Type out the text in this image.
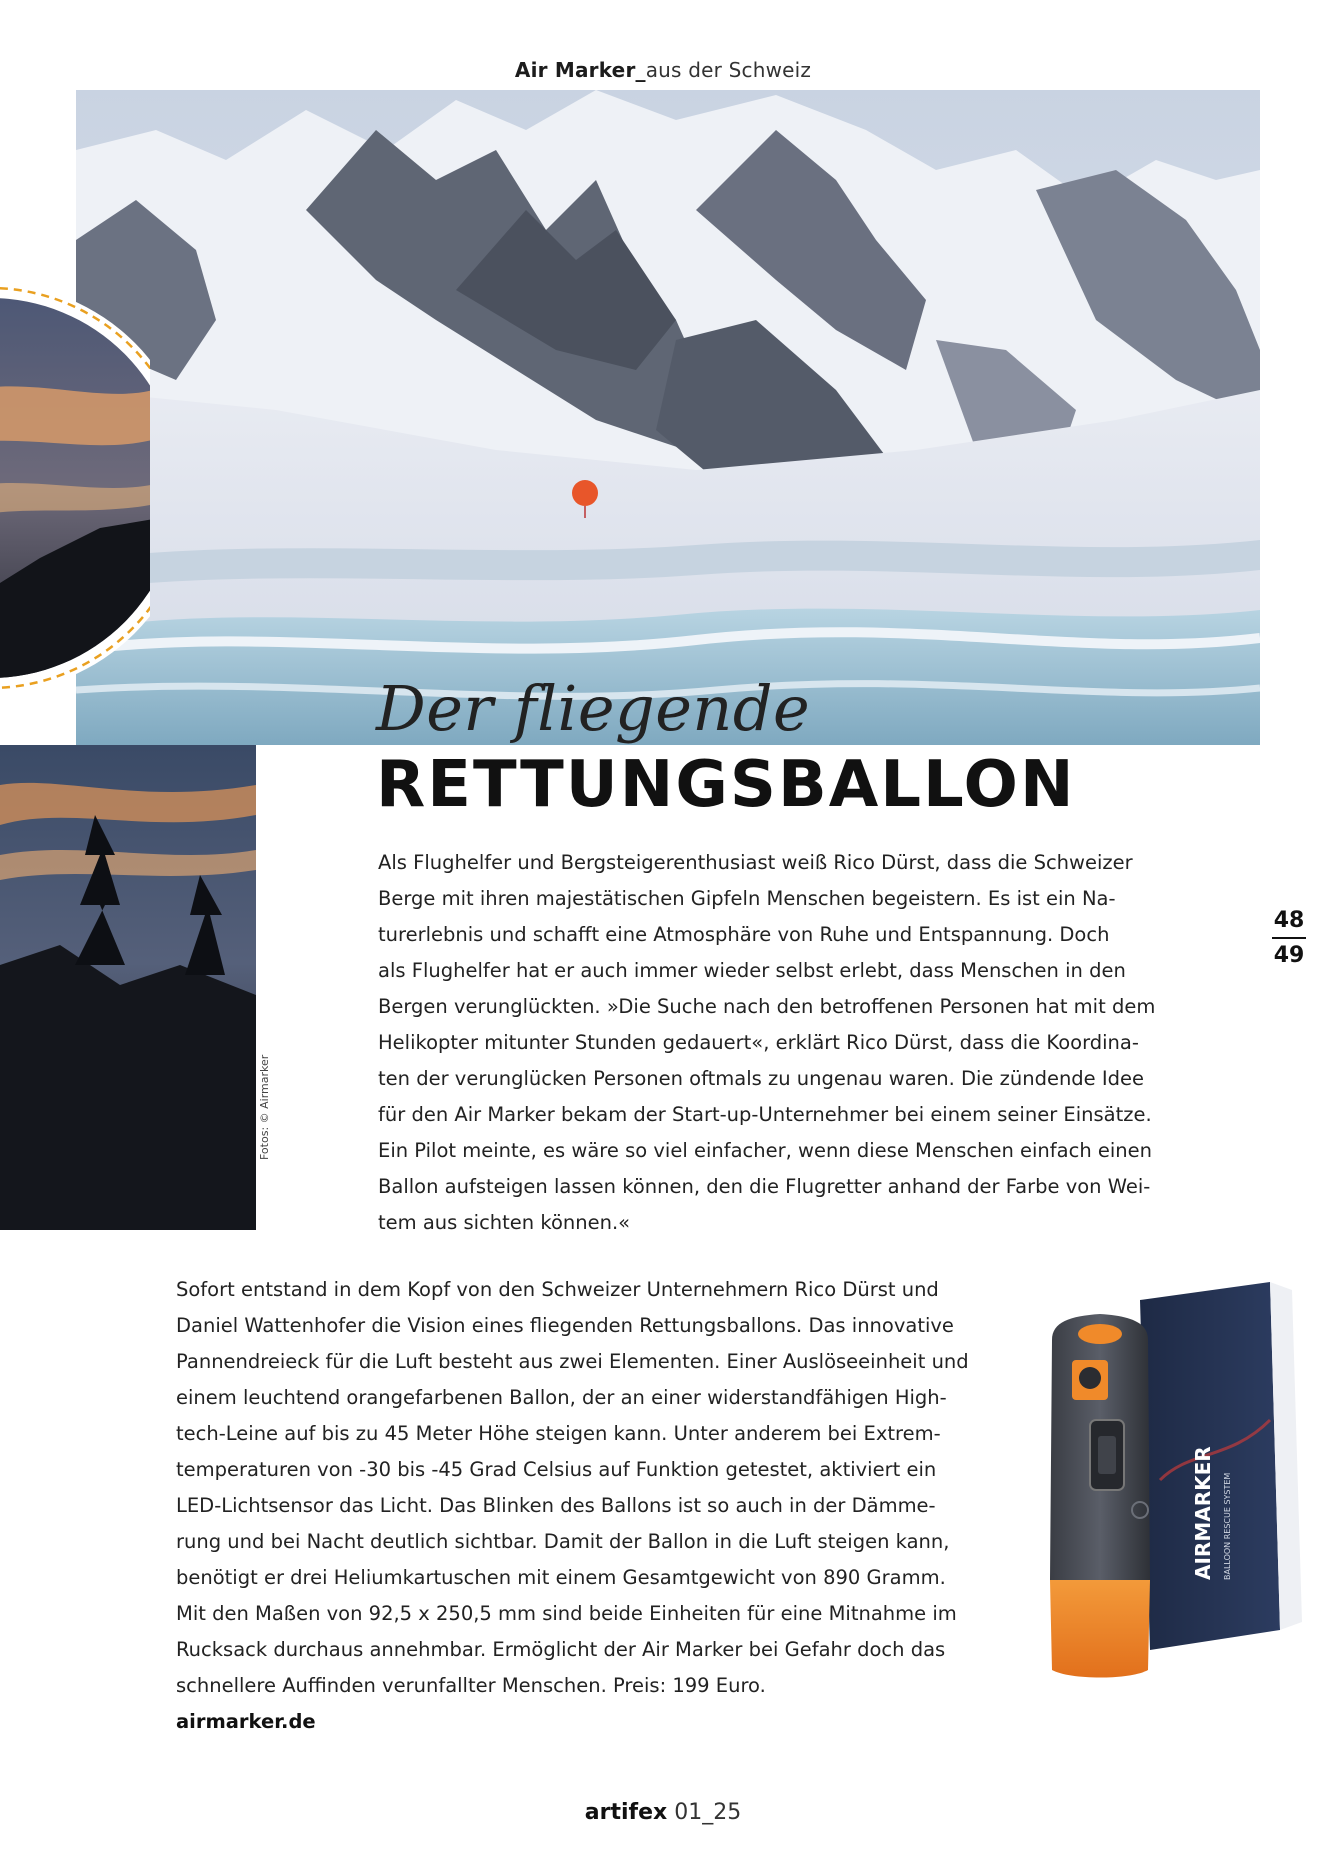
Air Marker_aus der Schweiz
Fotos: © Airmarker
Der fliegende
RETTUNGSBALLON
Als Flughelfer und Bergsteigerenthusiast weiß Rico Dürst, dass die Schweizer
Berge mit ihren majestätischen Gipfeln Menschen begeistern. Es ist ein Na-
turerlebnis und schafft eine Atmosphäre von Ruhe und Entspannung. Doch
als Flughelfer hat er auch immer wieder selbst erlebt, dass Menschen in den
Bergen verunglückten. »Die Suche nach den betroffenen Personen hat mit dem
Helikopter mitunter Stunden gedauert«, erklärt Rico Dürst, dass die Koordina-
ten der verunglücken Personen oftmals zu ungenau waren. Die zündende Idee
für den Air Marker bekam der Start-up-Unternehmer bei einem seiner Einsätze.
Ein Pilot meinte, es wäre so viel einfacher, wenn diese Menschen einfach einen
Ballon aufsteigen lassen können, den die Flugretter anhand der Farbe von Wei-
tem aus sichten können.«
48
49
Sofort entstand in dem Kopf von den Schweizer Unternehmern Rico Dürst und
Daniel Wattenhofer die Vision eines fliegenden Rettungsballons. Das innovative
Pannendreieck für die Luft besteht aus zwei Elementen. Einer Auslöseeinheit und
einem leuchtend orangefarbenen Ballon, der an einer widerstandfähigen High-
tech-Leine auf bis zu 45 Meter Höhe steigen kann. Unter anderem bei Extrem-
temperaturen von -30 bis -45 Grad Celsius auf Funktion getestet, aktiviert ein
LED-Lichtsensor das Licht. Das Blinken des Ballons ist so auch in der Dämme-
rung und bei Nacht deutlich sichtbar. Damit der Ballon in die Luft steigen kann,
benötigt er drei Heliumkartuschen mit einem Gesamtgewicht von 890 Gramm.
Mit den Maßen von 92,5 x 250,5 mm sind beide Einheiten für eine Mitnahme im
Rucksack durchaus annehmbar. Ermöglicht der Air Marker bei Gefahr doch das
schnellere Auffinden verunfallter Menschen. Preis: 199 Euro.
airmarker.de
AIRMARKER BALLOON RESCUE SYSTEM
artifex 01_25
